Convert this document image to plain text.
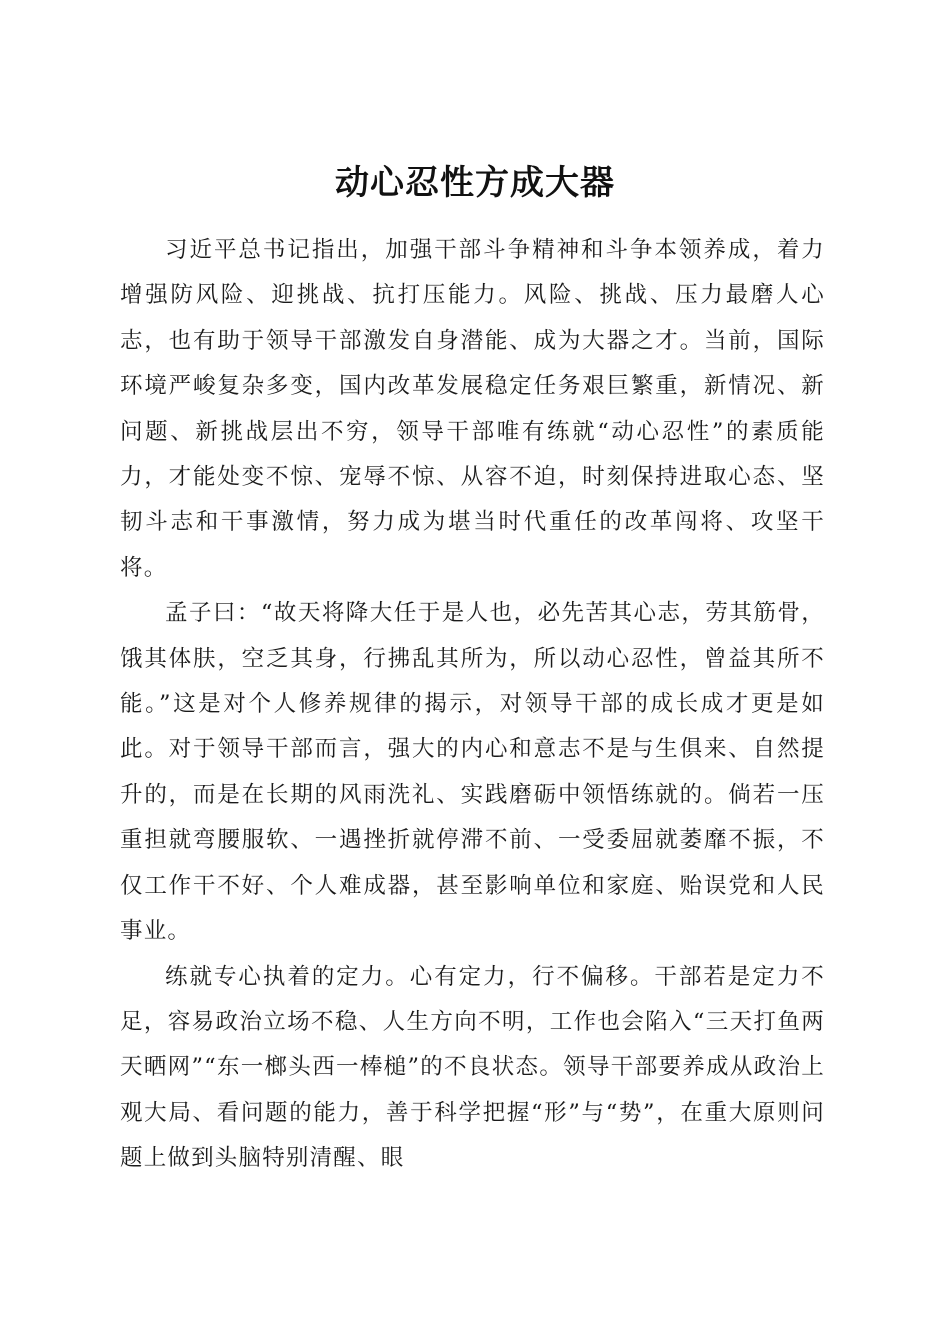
动心忍性方成大器

习近平总书记指出，加强干部斗争精神和斗争本领养成，着力增强防风险、迎挑战、抗打压能力。风险、挑战、压力最磨人心志，也有助于领导干部激发自身潜能、成为大器之才。当前，国际环境严峻复杂多变，国内改革发展稳定任务艰巨繁重，新情况、新问题、新挑战层出不穷，领导干部唯有练就“动心忍性”的素质能力，才能处变不惊、宠辱不惊、从容不迫，时刻保持进取心态、坚韧斗志和干事激情，努力成为堪当时代重任的改革闯将、攻坚干将。

孟子曰：“故天将降大任于是人也，必先苦其心志，劳其筋骨，饿其体肤，空乏其身，行拂乱其所为，所以动心忍性，曾益其所不能。”这是对个人修养规律的揭示，对领导干部的成长成才更是如此。对于领导干部而言，强大的内心和意志不是与生俱来、自然提升的，而是在长期的风雨洗礼、实践磨砺中领悟练就的。倘若一压重担就弯腰服软、一遇挫折就停滞不前、一受委屈就萎靡不振，不仅工作干不好、个人难成器，甚至影响单位和家庭、贻误党和人民事业。

练就专心执着的定力。心有定力，行不偏移。干部若是定力不足，容易政治立场不稳、人生方向不明，工作也会陷入“三天打鱼两天晒网”“东一榔头西一棒槌”的不良状态。领导干部要养成从政治上观大局、看问题的能力，善于科学把握“形”与“势”，在重大原则问题上做到头脑特别清醒、眼
